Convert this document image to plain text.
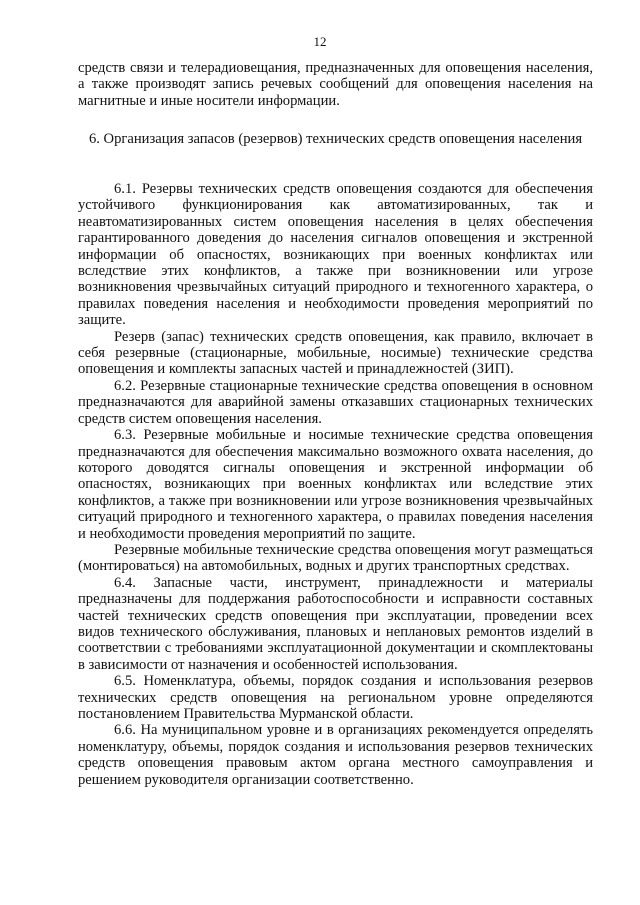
12

средств связи и телерадиовещания, предназначенных для оповещения населения, а также производят запись речевых сообщений для оповещения населения на магнитные и иные носители информации.

6. Организация запасов (резервов) технических средств оповещения населения

6.1. Резервы технических средств оповещения создаются для обеспечения устойчивого функционирования как автоматизированных, так и неавтоматизированных систем оповещения населения в целях обеспечения гарантированного доведения до населения сигналов оповещения и экстренной информации об опасностях, возникающих при военных конфликтах или вследствие этих конфликтов, а также при возникновении или угрозе возникновения чрезвычайных ситуаций природного и техногенного характера, о правилах поведения населения и необходимости проведения мероприятий по защите.

Резерв (запас) технических средств оповещения, как правило, включает в себя резервные (стационарные, мобильные, носимые) технические средства оповещения и комплекты запасных частей и принадлежностей (ЗИП).

6.2. Резервные стационарные технические средства оповещения в основном предназначаются для аварийной замены отказавших стационарных технических средств систем оповещения населения.

6.3. Резервные мобильные и носимые технические средства оповещения предназначаются для обеспечения максимально возможного охвата населения, до которого доводятся сигналы оповещения и экстренной информации об опасностях, возникающих при военных конфликтах или вследствие этих конфликтов, а также при возникновении или угрозе возникновения чрезвычайных ситуаций природного и техногенного характера, о правилах поведения населения и необходимости проведения мероприятий по защите.

Резервные мобильные технические средства оповещения могут размещаться (монтироваться) на автомобильных, водных и других транспортных средствах.

6.4. Запасные части, инструмент, принадлежности и материалы предназначены для поддержания работоспособности и исправности составных частей технических средств оповещения при эксплуатации, проведении всех видов технического обслуживания, плановых и неплановых ремонтов изделий в соответствии с требованиями эксплуатационной документации и скомплектованы в зависимости от назначения и особенностей использования.

6.5. Номенклатура, объемы, порядок создания и использования резервов технических средств оповещения на региональном уровне определяются постановлением Правительства Мурманской области.

6.6. На муниципальном уровне и в организациях рекомендуется определять номенклатуру, объемы, порядок создания и использования резервов технических средств оповещения правовым актом органа местного самоуправления и решением руководителя организации соответственно.
